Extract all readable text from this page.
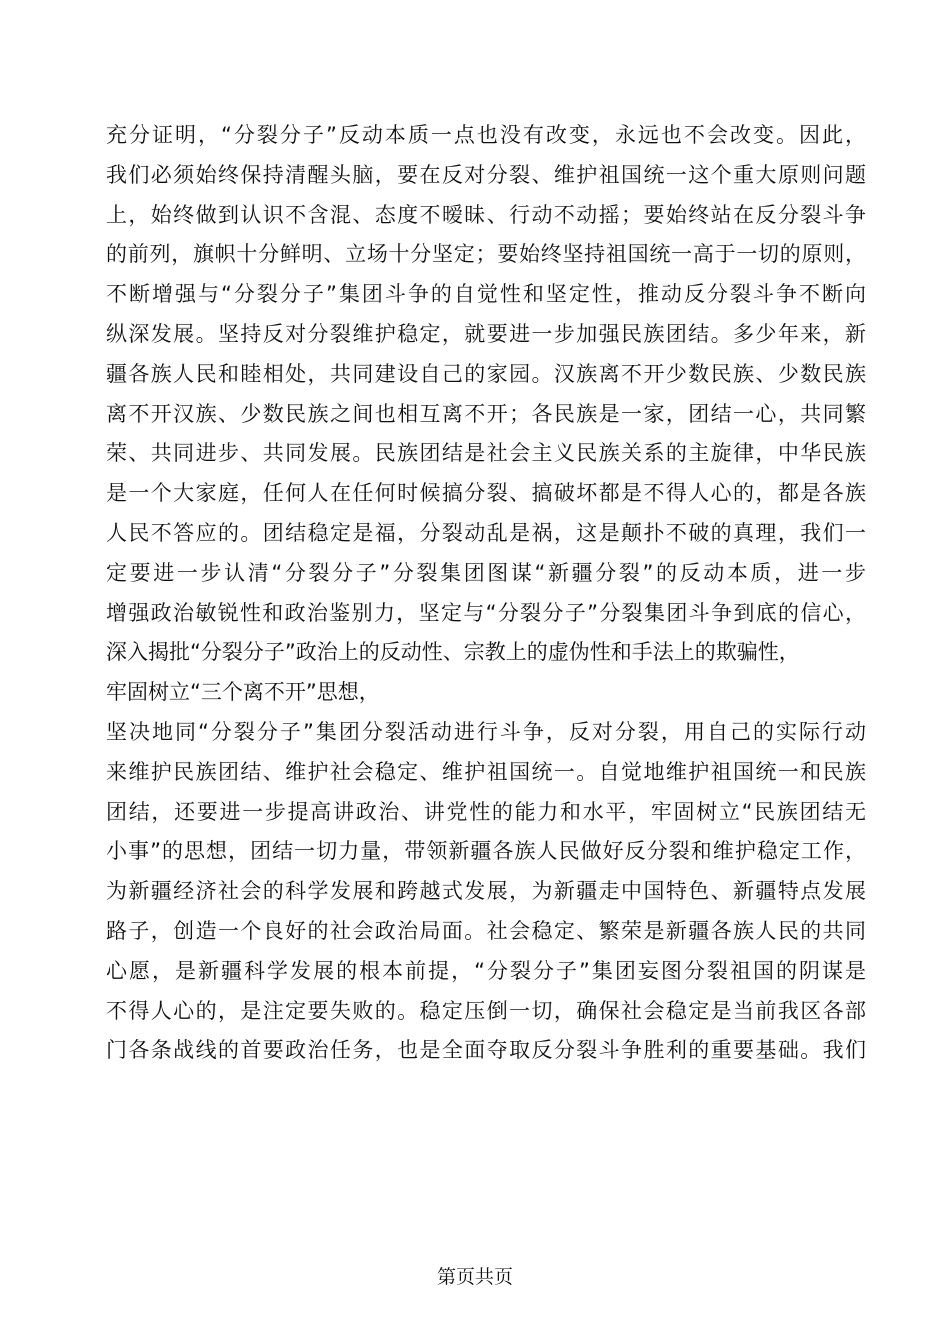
充分证明，“分裂分子”反动本质一点也没有改变，永远也不会改变。因此，
我们必须始终保持清醒头脑，要在反对分裂、维护祖国统一这个重大原则问题
上，始终做到认识不含混、态度不暧昧、行动不动摇；要始终站在反分裂斗争
的前列，旗帜十分鲜明、立场十分坚定；要始终坚持祖国统一高于一切的原则，
不断增强与“分裂分子”集团斗争的自觉性和坚定性，推动反分裂斗争不断向
纵深发展。坚持反对分裂维护稳定，就要进一步加强民族团结。多少年来，新
疆各族人民和睦相处，共同建设自己的家园。汉族离不开少数民族、少数民族
离不开汉族、少数民族之间也相互离不开；各民族是一家，团结一心，共同繁
荣、共同进步、共同发展。民族团结是社会主义民族关系的主旋律，中华民族
是一个大家庭，任何人在任何时候搞分裂、搞破坏都是不得人心的，都是各族
人民不答应的。团结稳定是福，分裂动乱是祸，这是颠扑不破的真理，我们一
定要进一步认清“分裂分子”分裂集团图谋“新疆分裂”的反动本质，进一步
增强政治敏锐性和政治鉴别力，坚定与“分裂分子”分裂集团斗争到底的信心，
深入揭批“分裂分子”政治上的反动性、宗教上的虚伪性和手法上的欺骗性，
牢固树立“三个离不开”思想，
坚决地同“分裂分子”集团分裂活动进行斗争，反对分裂，用自己的实际行动
来维护民族团结、维护社会稳定、维护祖国统一。自觉地维护祖国统一和民族
团结，还要进一步提高讲政治、讲党性的能力和水平，牢固树立“民族团结无
小事”的思想，团结一切力量，带领新疆各族人民做好反分裂和维护稳定工作，
为新疆经济社会的科学发展和跨越式发展，为新疆走中国特色、新疆特点发展
路子，创造一个良好的社会政治局面。社会稳定、繁荣是新疆各族人民的共同
心愿，是新疆科学发展的根本前提，“分裂分子”集团妄图分裂祖国的阴谋是
不得人心的，是注定要失败的。稳定压倒一切，确保社会稳定是当前我区各部
门各条战线的首要政治任务，也是全面夺取反分裂斗争胜利的重要基础。我们
第页共页
